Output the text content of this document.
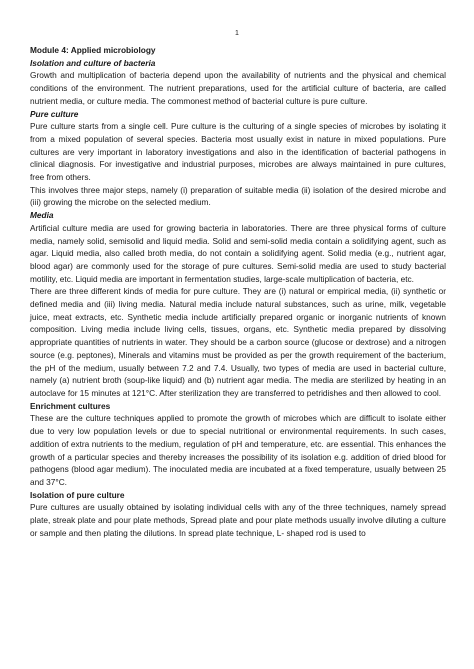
1
Module 4: Applied microbiology
Isolation and culture of bacteria

Growth and multiplication of bacteria depend upon the availability of nutrients and the physical and chemical conditions of the environment. The nutrient preparations, used for the artificial culture of bacteria, are called nutrient media, or culture media. The commonest method of bacterial culture is pure culture.

Pure culture

Pure culture starts from a single cell. Pure culture is the culturing of a single species of microbes by isolating it from a mixed population of several species. Bacteria most usually exist in nature in mixed populations. Pure cultures are very important in laboratory investigations and also in the identification of bacterial pathogens in clinical diagnosis. For investigative and industrial purposes, microbes are always maintained in pure cultures, free from others.

This involves three major steps, namely (i) preparation of suitable media (ii) isolation of the desired microbe and (iii) growing the microbe on the selected medium.

Media

Artificial culture media are used for growing bacteria in laboratories. There are three physical forms of culture media, namely solid, semisolid and liquid media. Solid and semi-solid media contain a solidifying agent, such as agar. Liquid media, also called broth media, do not contain a solidifying agent. Solid media (e.g., nutrient agar, blood agar) are commonly used for the storage of pure cultures. Semi-solid media are used to study bacterial motility, etc. Liquid media are important in fermentation studies, large-scale multiplication of bacteria, etc.

There are three different kinds of media for pure culture. They are (i) natural or empirical media, (ii) synthetic or defined media and (iii) living media. Natural media include natural substances, such as urine, milk, vegetable juice, meat extracts, etc. Synthetic media include artificially prepared organic or inorganic nutrients of known composition. Living media include living cells, tissues, organs, etc. Synthetic media prepared by dissolving appropriate quantities of nutrients in water. They should be a carbon source (glucose or dextrose) and a nitrogen source (e.g. peptones), Minerals and vitamins must be provided as per the growth requirement of the bacterium, the pH of the medium, usually between 7.2 and 7.4. Usually, two types of media are used in bacterial culture, namely (a) nutrient broth (soup-like liquid) and (b) nutrient agar media. The media are sterilized by heating in an autoclave for 15 minutes at 121°C. After sterilization they are transferred to petridishes and then allowed to cool.

Enrichment cultures

These are the culture techniques applied to promote the growth of microbes which are difficult to isolate either due to very low population levels or due to special nutritional or environmental requirements. In such cases, addition of extra nutrients to the medium, regulation of pH and temperature, etc. are essential. This enhances the growth of a particular species and thereby increases the possibility of its isolation e.g. addition of dried blood for pathogens (blood agar medium). The inoculated media are incubated at a fixed temperature, usually between 25 and 37°C.

Isolation of pure culture

Pure cultures are usually obtained by isolating individual cells with any of the three techniques, namely spread plate, streak plate and pour plate methods, Spread plate and pour plate methods usually involve diluting a culture or sample and then plating the dilutions. In spread plate technique, L- shaped rod is used to
